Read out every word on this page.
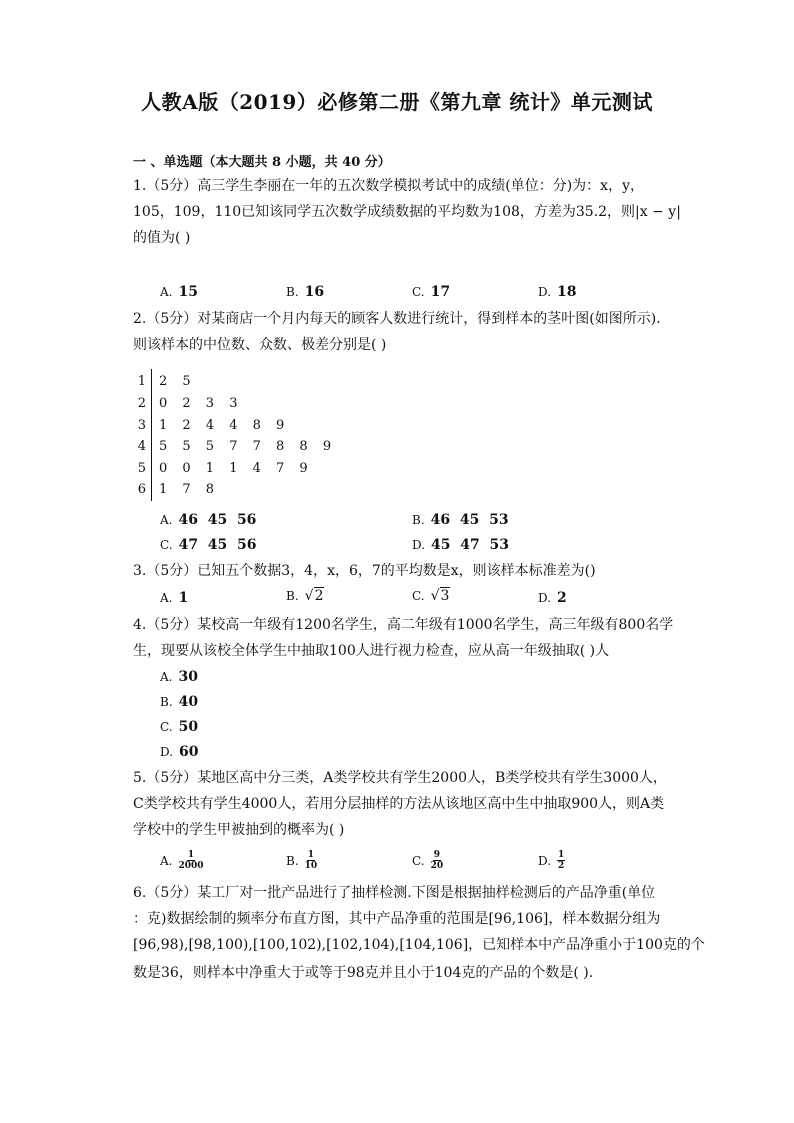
人教A版（2019）必修第二册《第九章 统计》单元测试
一 、单选题（本大题共 8 小题，共 40 分）
1.（5分）高三学生李丽在一年的五次数学模拟考试中的成绩(单位：分)为：x，y，
105，109，110已知该同学五次数学成绩数据的平均数为108，方差为35.2，则|x − y|
的值为( )
A. 15	B. 16	C. 17	D. 18
2.（5分）对某商店一个月内每天的顾客人数进行统计，得到样本的茎叶图(如图所示).
则该样本的中位数、众数、极差分别是( )
1 2 5
2 0 2 3 3
3 1 2 4 4 8 9
4 5 5 5 7 7 8 8 9
5 0 0 1 1 4 7 9
6 1 7 8
A. 46  45  56	B. 46  45  53
C. 47  45  56	D. 45  47  53
3.（5分）已知五个数据3，4，x，6，7的平均数是x，则该样本标准差为()
A. 1	B. √2	C. √3	D. 2
4.（5分）某校高一年级有1200名学生，高二年级有1000名学生，高三年级有800名学
生，现要从该校全体学生中抽取100人进行视力检查，应从高一年级抽取( )人
A. 30
B. 40
C. 50
D. 60
5.（5分）某地区高中分三类，A类学校共有学生2000人，B类学校共有学生3000人，
C类学校共有学生4000人，若用分层抽样的方法从该地区高中生中抽取900人，则A类
学校中的学生甲被抽到的概率为( )
A. $\frac{1}{2000}$	B. $\frac{1}{10}$	C. $\frac{9}{20}$	D. $\frac{1}{2}$
6.（5分）某工厂对一批产品进行了抽样检测.下图是根据抽样检测后的产品净重(单位
：克)数据绘制的频率分布直方图，其中产品净重的范围是[96,106]，样本数据分组为
[96,98),[98,100),[100,102),[102,104),[104,106]，已知样本中产品净重小于100克的个
数是36，则样本中净重大于或等于98克并且小于104克的产品的个数是( ).
